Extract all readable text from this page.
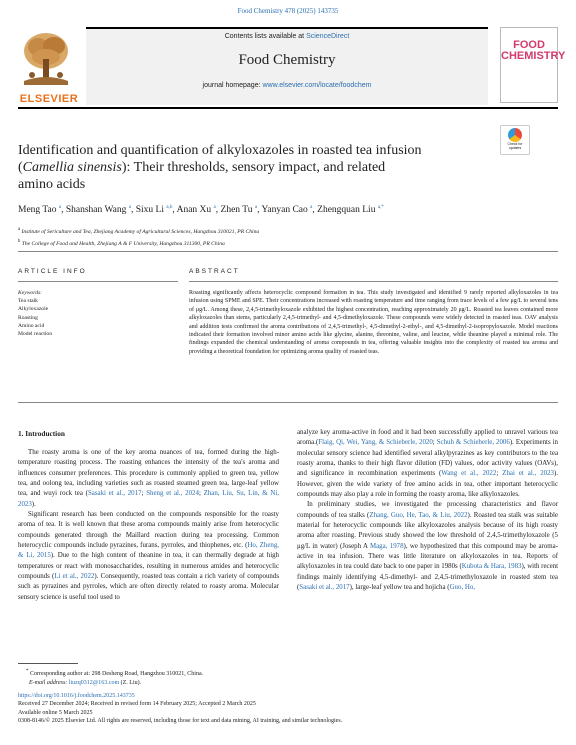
Food Chemistry 478 (2025) 143735
ELSEVIER
Contents lists available at ScienceDirect
Food Chemistry
journal homepage: www.elsevier.com/locate/foodchem
FOOD
CHEMISTRY
Check for updates
Identification and quantification of alkyloxazoles in roasted tea infusion
(Camellia sinensis): Their thresholds, sensory impact, and related
amino acids
Meng Tao $^a$, Shanshan Wang $^a$, Sixu Li $^{a,b}$, Anan Xu $^a$, Zhen Tu $^a$, Yanyan Cao $^a$, Zhengquan Liu $^{a,*}$
$^a$ Institute of Sericulture and Tea, Zhejiang Academy of Agricultural Sciences, Hangzhou 310021, PR China
$^b$ The College of Food and Health, Zhejiang A & F University, Hangzhou 311300, PR China
ARTICLE INFO
Keywords:
Tea stalk
Alkyloxazole
Roasting
Amino acid
Model reaction
ABSTRACT
Roasting significantly affects heterocyclic compound formation in tea. This study investigated and identified 9 rarely reported alkyloxazoles in tea infusion using SPME and SPE. Their concentrations increased with roasting temperature and time ranging from trace levels of a few μg/L to several tens of μg/L. Among these, 2,4,5-trimethyloxazole exhibited the highest concentration, reaching approximately 20 μg/L. Roasted tea leaves contained more alkyloxazoles than stems, particularly 2,4,5-trimethyl- and 4,5-dimethyloxazole. These compounds were widely detected in roasted teas. OAV analysis and addition tests confirmed the aroma contributions of 2,4,5-trimethyl-, 4,5-dimethyl-2-ethyl-, and 4,5-dimethyl-2-isopropyloxazole. Model reactions indicated their formation involved minor amino acids like glycine, alanine, threonine, valine, and leucine, while theanine played a minimal role. The findings expanded the chemical understanding of aroma compounds in tea, offering valuable insights into the complexity of roasted tea aroma and providing a theoretical foundation for optimizing aroma quality of roasted teas.
1. Introduction

The roasty aroma is one of the key aroma nuances of tea, formed during the high-temperature roasting process. The roasting enhances the intensity of the tea's aroma and influences consumer preferences. This procedure is commonly applied to green tea, yellow tea, and oolong tea, including varieties such as roasted steamed green tea, large-leaf yellow tea, and wuyi rock tea (Sasaki et al., 2017; Sheng et al., 2024; Zhan, Liu, Su, Lin, & Ni, 2023).

Significant research has been conducted on the compounds responsible for the roasty aroma of tea. It is well known that these aroma compounds mainly arise from heterocyclic compounds generated through the Maillard reaction during tea processing. Common heterocyclic compounds include pyrazines, furans, pyrroles, and thiophenes, etc. (Ho, Zheng, & Li, 2015). Due to the high content of theanine in tea, it can thermally degrade at high temperatures or react with monosaccharides, resulting in numerous amides and heterocyclic compounds (Li et al., 2022). Consequently, roasted teas contain a rich variety of compounds such as pyrazines and pyrroles, which are often directly related to roasty aroma. Molecular sensory science is useful tool used to

analyze key aroma-active in food and it had been successfully applied to unravel various tea aroma.(Flaig, Qi, Wei, Yang, & Schieberle, 2020; Schuh & Schieberle, 2006). Experiments in molecular sensory science had identified several alkylpyrazines as key contributors to the tea roasty aroma, thanks to their high flavor dilution (FD) values, odor activity values (OAVs), and significance in recombination experiments (Wang et al., 2022; Zhai et al., 2023). However, given the wide variety of free amino acids in tea, other important heterocyclic compounds may also play a role in forming the roasty aroma, like alkyloxazoles.

In preliminary studies, we investigated the processing characteristics and flavor compounds of tea stalks (Zhang, Guo, He, Tao, & Liu, 2022). Roasted tea stalk was suitable material for heterocyclic compounds like alkyloxazoles analysis because of its high roasty aroma after roasting. Previous study showed the low threshold of 2,4,5-trimethyloxazole (5 μg/L in water) (Joseph A Maga, 1978), we hypothesized that this compound may be aroma-active in tea infusion. There was little literature on alkyloxazoles in tea. Reports of alkyloxazoles in tea could date back to one paper in 1980s (Kubota & Hara, 1983), with recent findings mainly identifying 4,5-dimethyl- and 2,4,5-trimethyloxazole in roasted stem tea (Sasaki et al., 2017), large-leaf yellow tea and hojicha (Guo, Ho,

* Corresponding author at: 298 Desheng Road, Hangzhou 310021, China.
E-mail address: liuzq0312@163.com (Z. Liu).
https://doi.org/10.1016/j.foodchem.2025.143735
Received 27 December 2024; Received in revised form 14 February 2025; Accepted 2 March 2025
Available online 5 March 2025
0308-8146/© 2025 Elsevier Ltd. All rights are reserved, including those for text and data mining, AI training, and similar technologies.
